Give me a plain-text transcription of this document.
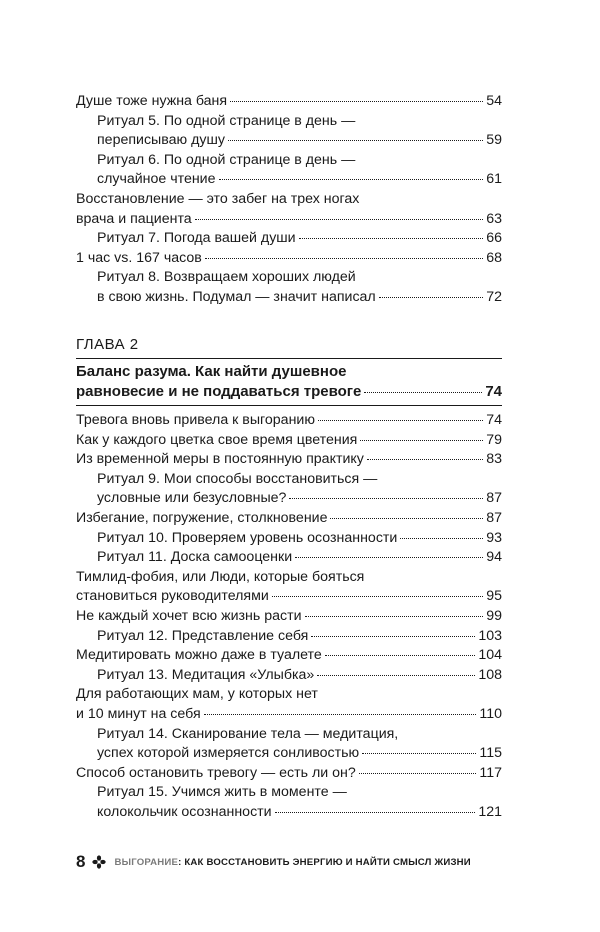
Душе тоже нужна баня	54
Ритуал 5. По одной странице в день —
переписываю душу	59
Ритуал 6. По одной странице в день —
случайное чтение	61
Восстановление — это забег на трех ногах
врача и пациента	63
Ритуал 7. Погода вашей души	66
1 час vs. 167 часов	68
Ритуал 8. Возвращаем хороших людей
в свою жизнь. Подумал — значит написал	72
ГЛАВА 2
Баланс разума. Как найти душевное
равновесие и не поддаваться тревоге	74
Тревога вновь привела к выгоранию	74
Как у каждого цветка свое время цветения	79
Из временной меры в постоянную практику	83
Ритуал 9. Мои способы восстановиться —
условные или безусловные?	87
Избегание, погружение, столкновение	87
Ритуал 10. Проверяем уровень осознанности	93
Ритуал 11. Доска самооценки	94
Тимлид-фобия, или Люди, которые бояться
становиться руководителями	95
Не каждый хочет всю жизнь расти	99
Ритуал 12. Представление себя	103
Медитировать можно даже в туалете	104
Ритуал 13. Медитация «Улыбка»	108
Для работающих мам, у которых нет
и 10 минут на себя	110
Ритуал 14. Сканирование тела — медитация,
успех которой измеряется сонливостью	115
Способ остановить тревогу — есть ли он?	117
Ритуал 15. Учимся жить в моменте —
колокольчик осознанности	121
8	ВЫГОРАНИЕ: КАК ВОССТАНОВИТЬ ЭНЕРГИЮ И НАЙТИ СМЫСЛ ЖИЗНИ
